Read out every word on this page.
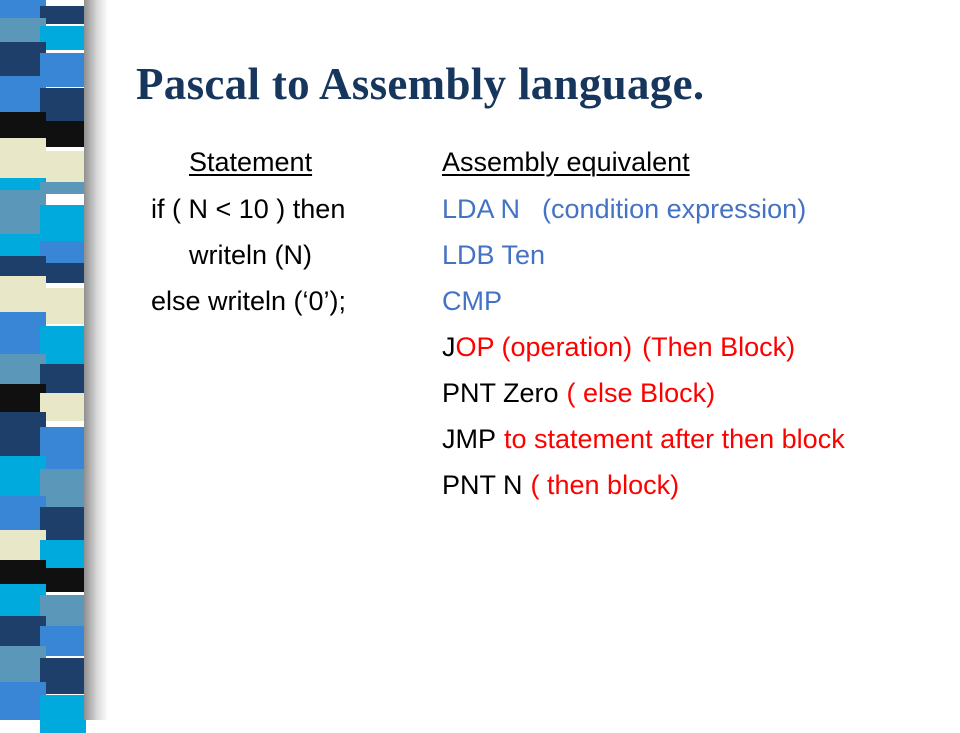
Pascal to Assembly language.
Statement
if ( N < 10 ) then
writeln (N)
else writeln (‘0’);
Assembly equivalent
LDA N (condition expression)
LDB Ten
CMP
JOP (operation) (Then Block)
PNT Zero ( else Block)
JMP to statement after then block
PNT N ( then block)
